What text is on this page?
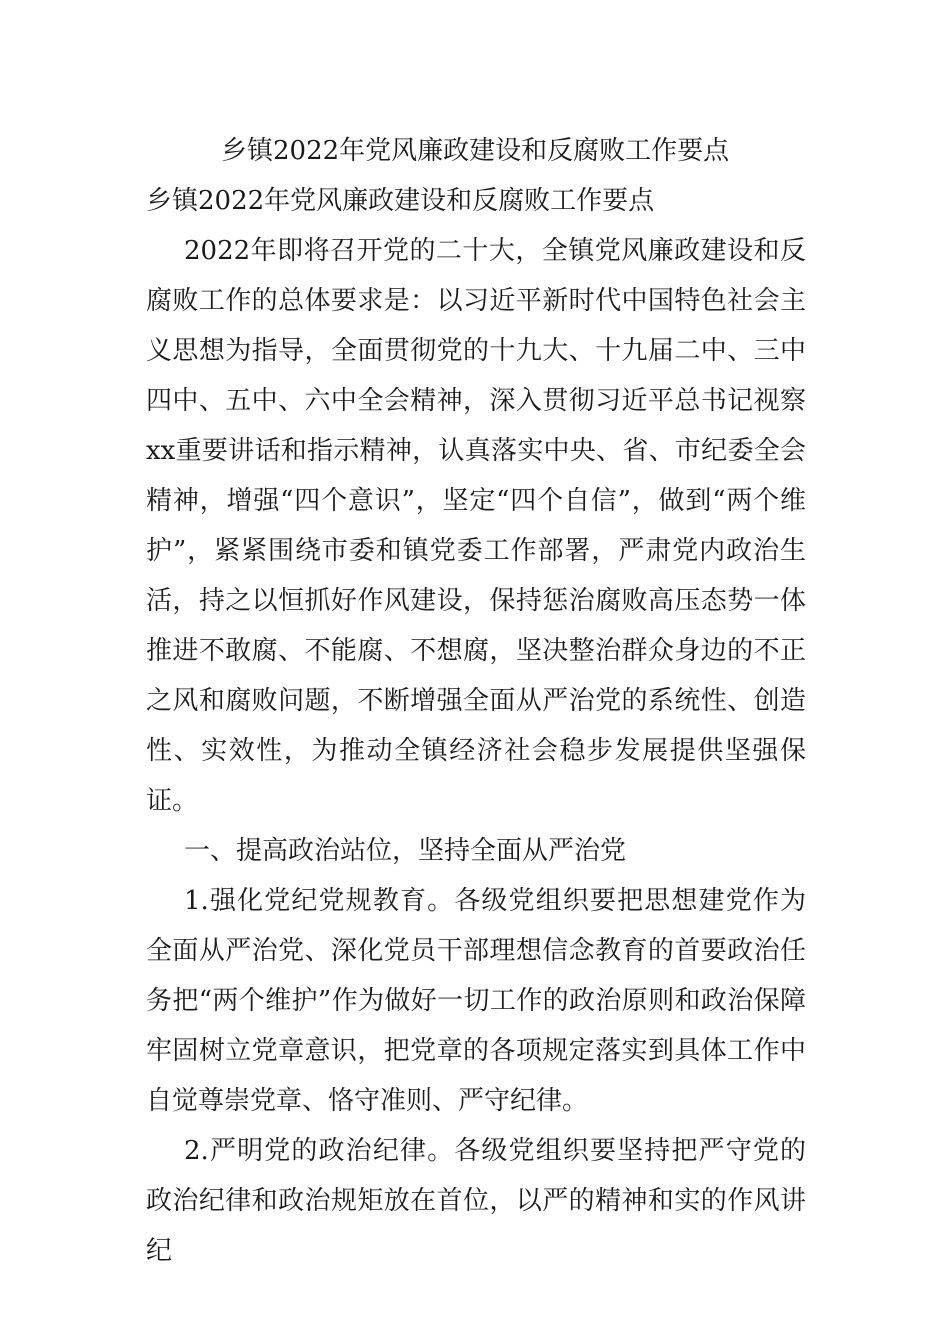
乡镇2022年党风廉政建设和反腐败工作要点

乡镇2022年党风廉政建设和反腐败工作要点

2022年即将召开党的二十大，全镇党风廉政建设和反腐败工作的总体要求是：以习近平新时代中国特色社会主义思想为指导，全面贯彻党的十九大、十九届二中、三中四中、五中、六中全会精神，深入贯彻习近平总书记视察xx重要讲话和指示精神，认真落实中央、省、市纪委全会精神，增强“四个意识”，坚定“四个自信”，做到“两个维护”，紧紧围绕市委和镇党委工作部署，严肃党内政治生活，持之以恒抓好作风建设，保持惩治腐败高压态势一体推进不敢腐、不能腐、不想腐，坚决整治群众身边的不正之风和腐败问题，不断增强全面从严治党的系统性、创造性、实效性，为推动全镇经济社会稳步发展提供坚强保证。

一、提高政治站位，坚持全面从严治党

1.强化党纪党规教育。各级党组织要把思想建党作为全面从严治党、深化党员干部理想信念教育的首要政治任务把“两个维护”作为做好一切工作的政治原则和政治保障牢固树立党章意识，把党章的各项规定落实到具体工作中自觉尊崇党章、恪守准则、严守纪律。

2.严明党的政治纪律。各级党组织要坚持把严守党的政治纪律和政治规矩放在首位，以严的精神和实的作风讲纪
